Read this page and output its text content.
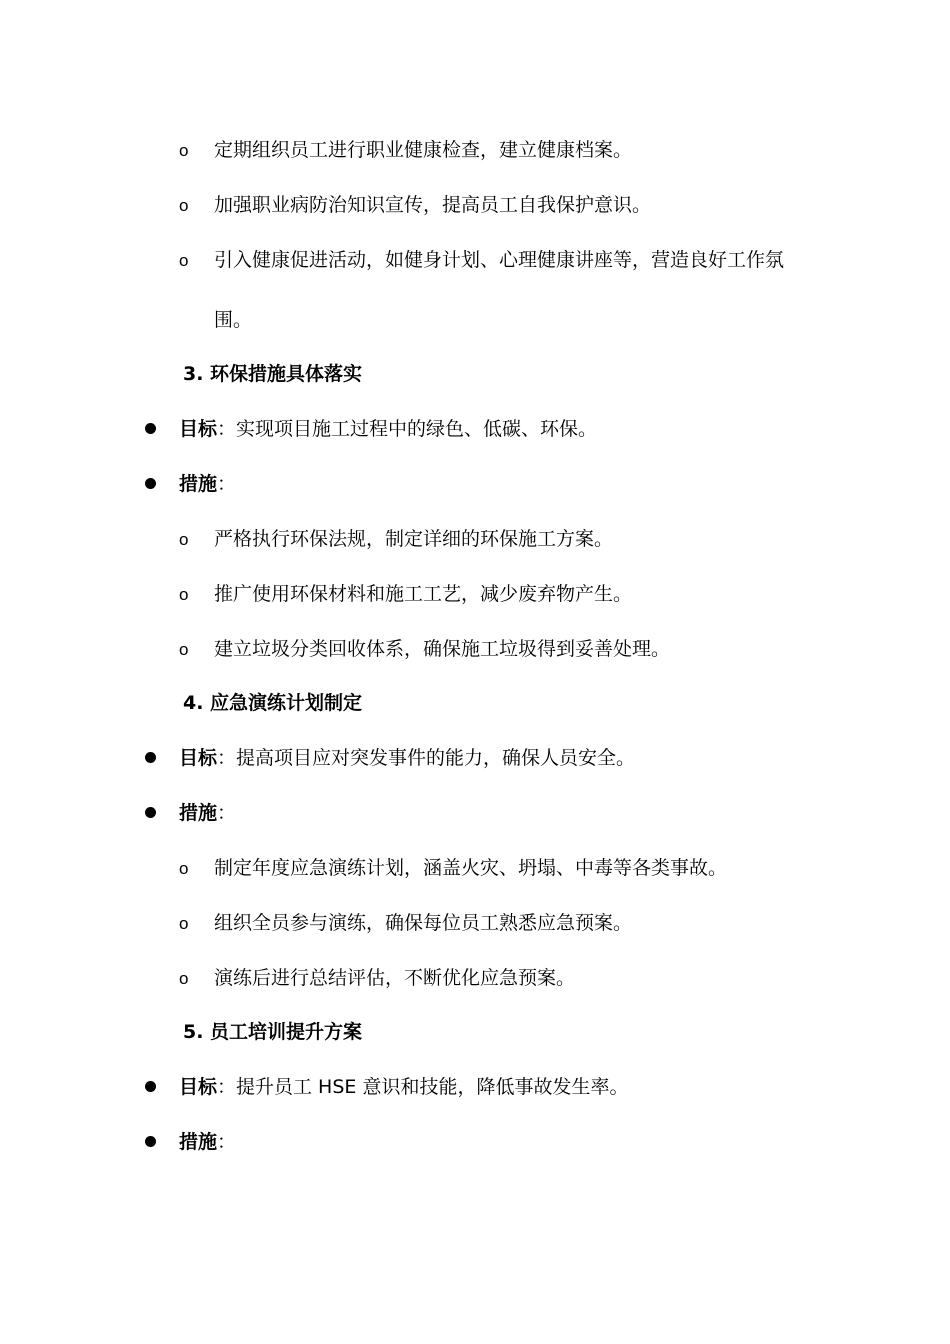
o 定期组织员工进行职业健康检查，建立健康档案。
o 加强职业病防治知识宣传，提高员工自我保护意识。
o 引入健康促进活动，如健身计划、心理健康讲座等，营造良好工作氛
围。
3. 环保措施具体落实
目标：实现项目施工过程中的绿色、低碳、环保。
措施：
o 严格执行环保法规，制定详细的环保施工方案。
o 推广使用环保材料和施工工艺，减少废弃物产生。
o 建立垃圾分类回收体系，确保施工垃圾得到妥善处理。
4. 应急演练计划制定
目标：提高项目应对突发事件的能力，确保人员安全。
措施：
o 制定年度应急演练计划，涵盖火灾、坍塌、中毒等各类事故。
o 组织全员参与演练，确保每位员工熟悉应急预案。
o 演练后进行总结评估，不断优化应急预案。
5. 员工培训提升方案
目标：提升员工 HSE 意识和技能，降低事故发生率。
措施：
